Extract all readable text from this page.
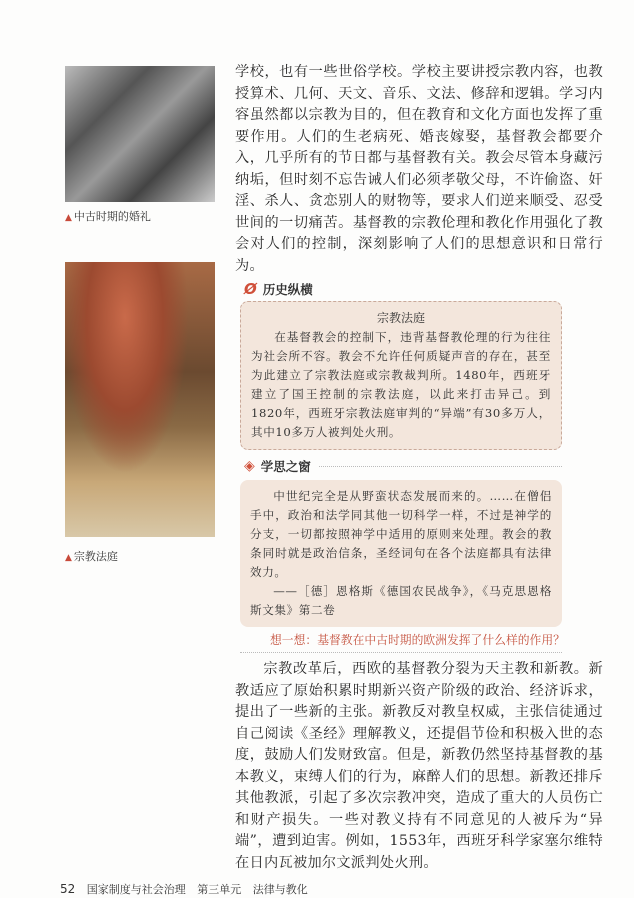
▲ 中古时期的婚礼
▲ 宗教法庭

学校，也有一些世俗学校。学校主要讲授宗教内容，也教授算术、几何、天文、音乐、文法、修辞和逻辑。学习内容虽然都以宗教为目的，但在教育和文化方面也发挥了重要作用。人们的生老病死、婚丧嫁娶，基督教会都要介入，几乎所有的节日都与基督教有关。教会尽管本身藏污纳垢，但时刻不忘告诫人们必须孝敬父母，不许偷盗、奸淫、杀人、贪恋别人的财物等，要求人们逆来顺受、忍受世间的一切痛苦。基督教的宗教伦理和教化作用强化了教会对人们的控制，深刻影响了人们的思想意识和日常行为。

Ø 历史纵横
宗教法庭

在基督教会的控制下，违背基督教伦理的行为往往为社会所不容。教会不允许任何质疑声音的存在，甚至为此建立了宗教法庭或宗教裁判所。1480年，西班牙建立了国王控制的宗教法庭，以此来打击异己。到1820年，西班牙宗教法庭审判的“异端”有30多万人，其中10多万人被判处火刑。

◈ 学思之窗

中世纪完全是从野蛮状态发展而来的。……在僧侣手中，政治和法学同其他一切科学一样，不过是神学的分支，一切都按照神学中适用的原则来处理。教会的教条同时就是政治信条，圣经词句在各个法庭都具有法律效力。

——［德］恩格斯《德国农民战争》，《马克思恩格斯文集》第二卷

想一想：基督教在中古时期的欧洲发挥了什么样的作用？

宗教改革后，西欧的基督教分裂为天主教和新教。新教适应了原始积累时期新兴资产阶级的政治、经济诉求，提出了一些新的主张。新教反对教皇权威，主张信徒通过自己阅读《圣经》理解教义，还提倡节俭和积极入世的态度，鼓励人们发财致富。但是，新教仍然坚持基督教的基本教义，束缚人们的行为，麻醉人们的思想。新教还排斥其他教派，引起了多次宗教冲突，造成了重大的人员伤亡和财产损失。一些对教义持有不同意见的人被斥为“异端”，遭到迫害。例如，1553年，西班牙科学家塞尔维特在日内瓦被加尔文派判处火刑。

52 国家制度与社会治理 第三单元 法律与教化
